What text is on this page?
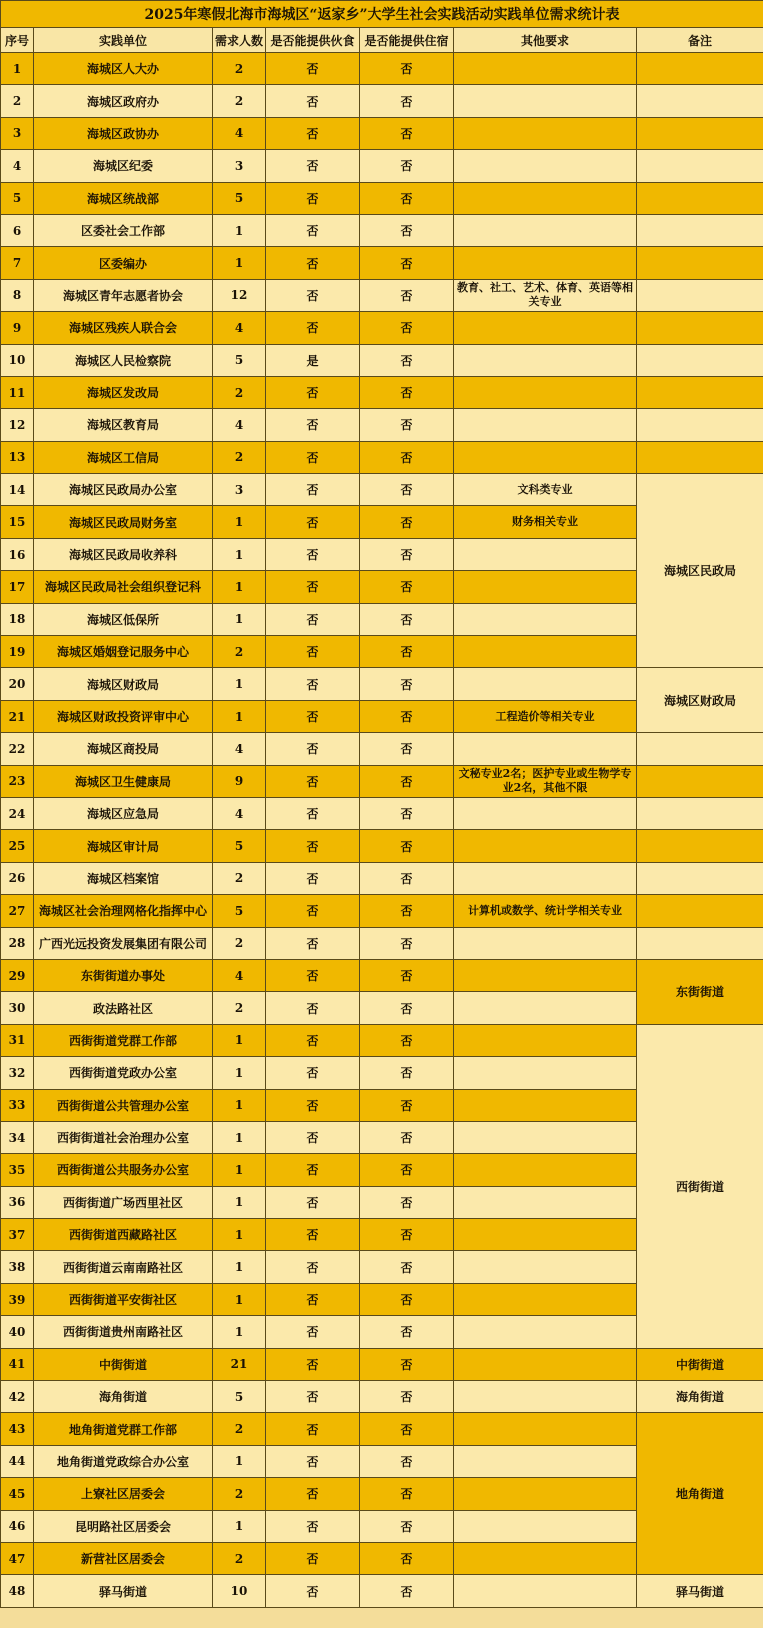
2025年寒假北海市海城区“返家乡”大学生社会实践活动实践单位需求统计表						
序号	实践单位	需求人数	是否能提供伙食	是否能提供住宿	其他要求	备注
1	海城区人大办	2	否	否		
2	海城区政府办	2	否	否		
3	海城区政协办	4	否	否		
4	海城区纪委	3	否	否		
5	海城区统战部	5	否	否		
6	区委社会工作部	1	否	否		
7	区委编办	1	否	否		
8	海城区青年志愿者协会	12	否	否	教育、社工、艺术、体育、英语等相关专业	
9	海城区残疾人联合会	4	否	否		
10	海城区人民检察院	5	是	否		
11	海城区发改局	2	否	否		
12	海城区教育局	4	否	否		
13	海城区工信局	2	否	否		
14	海城区民政局办公室	3	否	否	文科类专业	海城区民政局
15	海城区民政局财务室	1	否	否	财务相关专业	
16	海城区民政局收养科	1	否	否		
17	海城区民政局社会组织登记科	1	否	否		
18	海城区低保所	1	否	否		
19	海城区婚姻登记服务中心	2	否	否		
20	海城区财政局	1	否	否		海城区财政局
21	海城区财政投资评审中心	1	否	否	工程造价等相关专业	
22	海城区商投局	4	否	否		
23	海城区卫生健康局	9	否	否	文秘专业2名；医护专业或生物学专业2名，其他不限	
24	海城区应急局	4	否	否		
25	海城区审计局	5	否	否		
26	海城区档案馆	2	否	否		
27	海城区社会治理网格化指挥中心	5	否	否	计算机或数学、统计学相关专业	
28	广西光远投资发展集团有限公司	2	否	否		
29	东街街道办事处	4	否	否		东街街道
30	政法路社区	2	否	否		
31	西街街道党群工作部	1	否	否		西街街道
32	西街街道党政办公室	1	否	否		
33	西街街道公共管理办公室	1	否	否		
34	西街街道社会治理办公室	1	否	否		
35	西街街道公共服务办公室	1	否	否		
36	西街街道广场西里社区	1	否	否		
37	西街街道西藏路社区	1	否	否		
38	西街街道云南南路社区	1	否	否		
39	西街街道平安街社区	1	否	否		
40	西街街道贵州南路社区	1	否	否		
41	中街街道	21	否	否		中街街道
42	海角街道	5	否	否		海角街道
43	地角街道党群工作部	2	否	否		地角街道
44	地角街道党政综合办公室	1	否	否		
45	上寮社区居委会	2	否	否		
46	昆明路社区居委会	1	否	否		
47	新营社区居委会	2	否	否		
48	驿马街道	10	否	否		驿马街道
